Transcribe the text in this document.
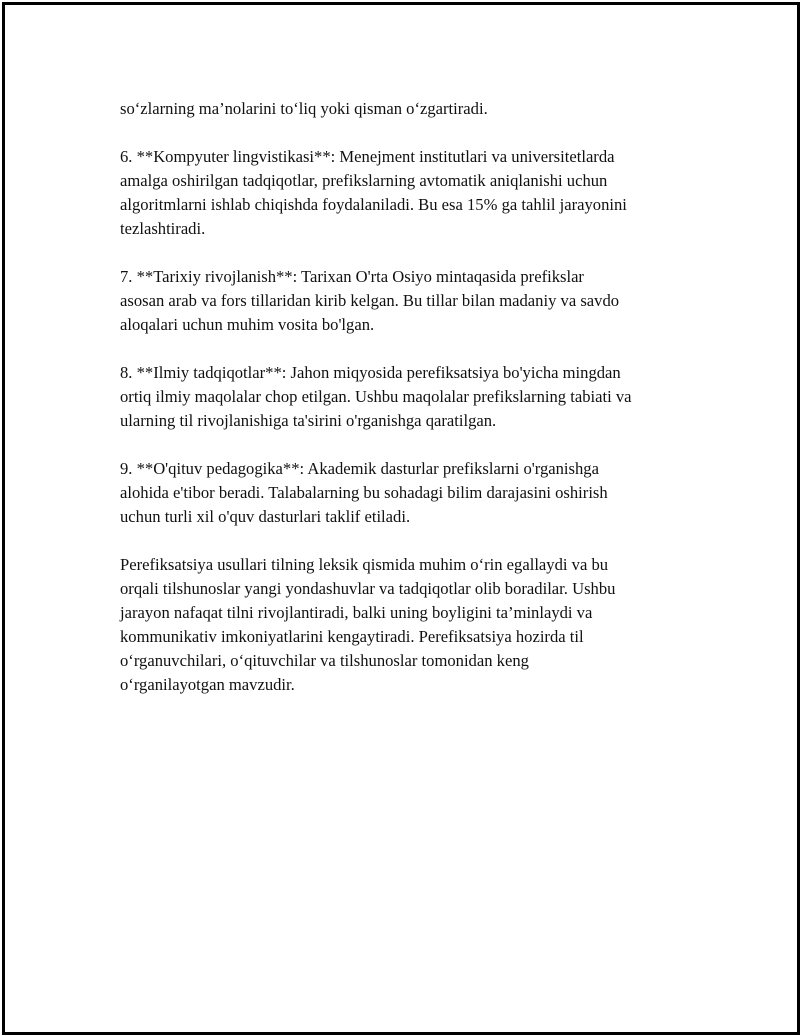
so‘zlarning ma’nolarini to‘liq yoki qisman o‘zgartiradi.

6. **Kompyuter lingvistikasi**: Menejment institutlari va universitetlarda
amalga oshirilgan tadqiqotlar, prefikslarning avtomatik aniqlanishi uchun
algoritmlarni ishlab chiqishda foydalaniladi. Bu esa 15% ga tahlil jarayonini
tezlashtiradi.

7. **Tarixiy rivojlanish**: Tarixan O'rta Osiyo mintaqasida prefikslar
asosan arab va fors tillaridan kirib kelgan. Bu tillar bilan madaniy va savdo
aloqalari uchun muhim vosita bo'lgan.

8. **Ilmiy tadqiqotlar**: Jahon miqyosida perefiksatsiya bo'yicha mingdan
ortiq ilmiy maqolalar chop etilgan. Ushbu maqolalar prefikslarning tabiati va
ularning til rivojlanishiga ta'sirini o'rganishga qaratilgan.

9. **O'qituv pedagogika**: Akademik dasturlar prefikslarni o'rganishga
alohida e'tibor beradi. Talabalarning bu sohadagi bilim darajasini oshirish
uchun turli xil o'quv dasturlari taklif etiladi.

Perefiksatsiya usullari tilning leksik qismida muhim o‘rin egallaydi va bu
orqali tilshunoslar yangi yondashuvlar va tadqiqotlar olib boradilar. Ushbu
jarayon nafaqat tilni rivojlantiradi, balki uning boyligini ta’minlaydi va
kommunikativ imkoniyatlarini kengaytiradi. Perefiksatsiya hozirda til
o‘rganuvchilari, o‘qituvchilar va tilshunoslar tomonidan keng
o‘rganilayotgan mavzudir.
